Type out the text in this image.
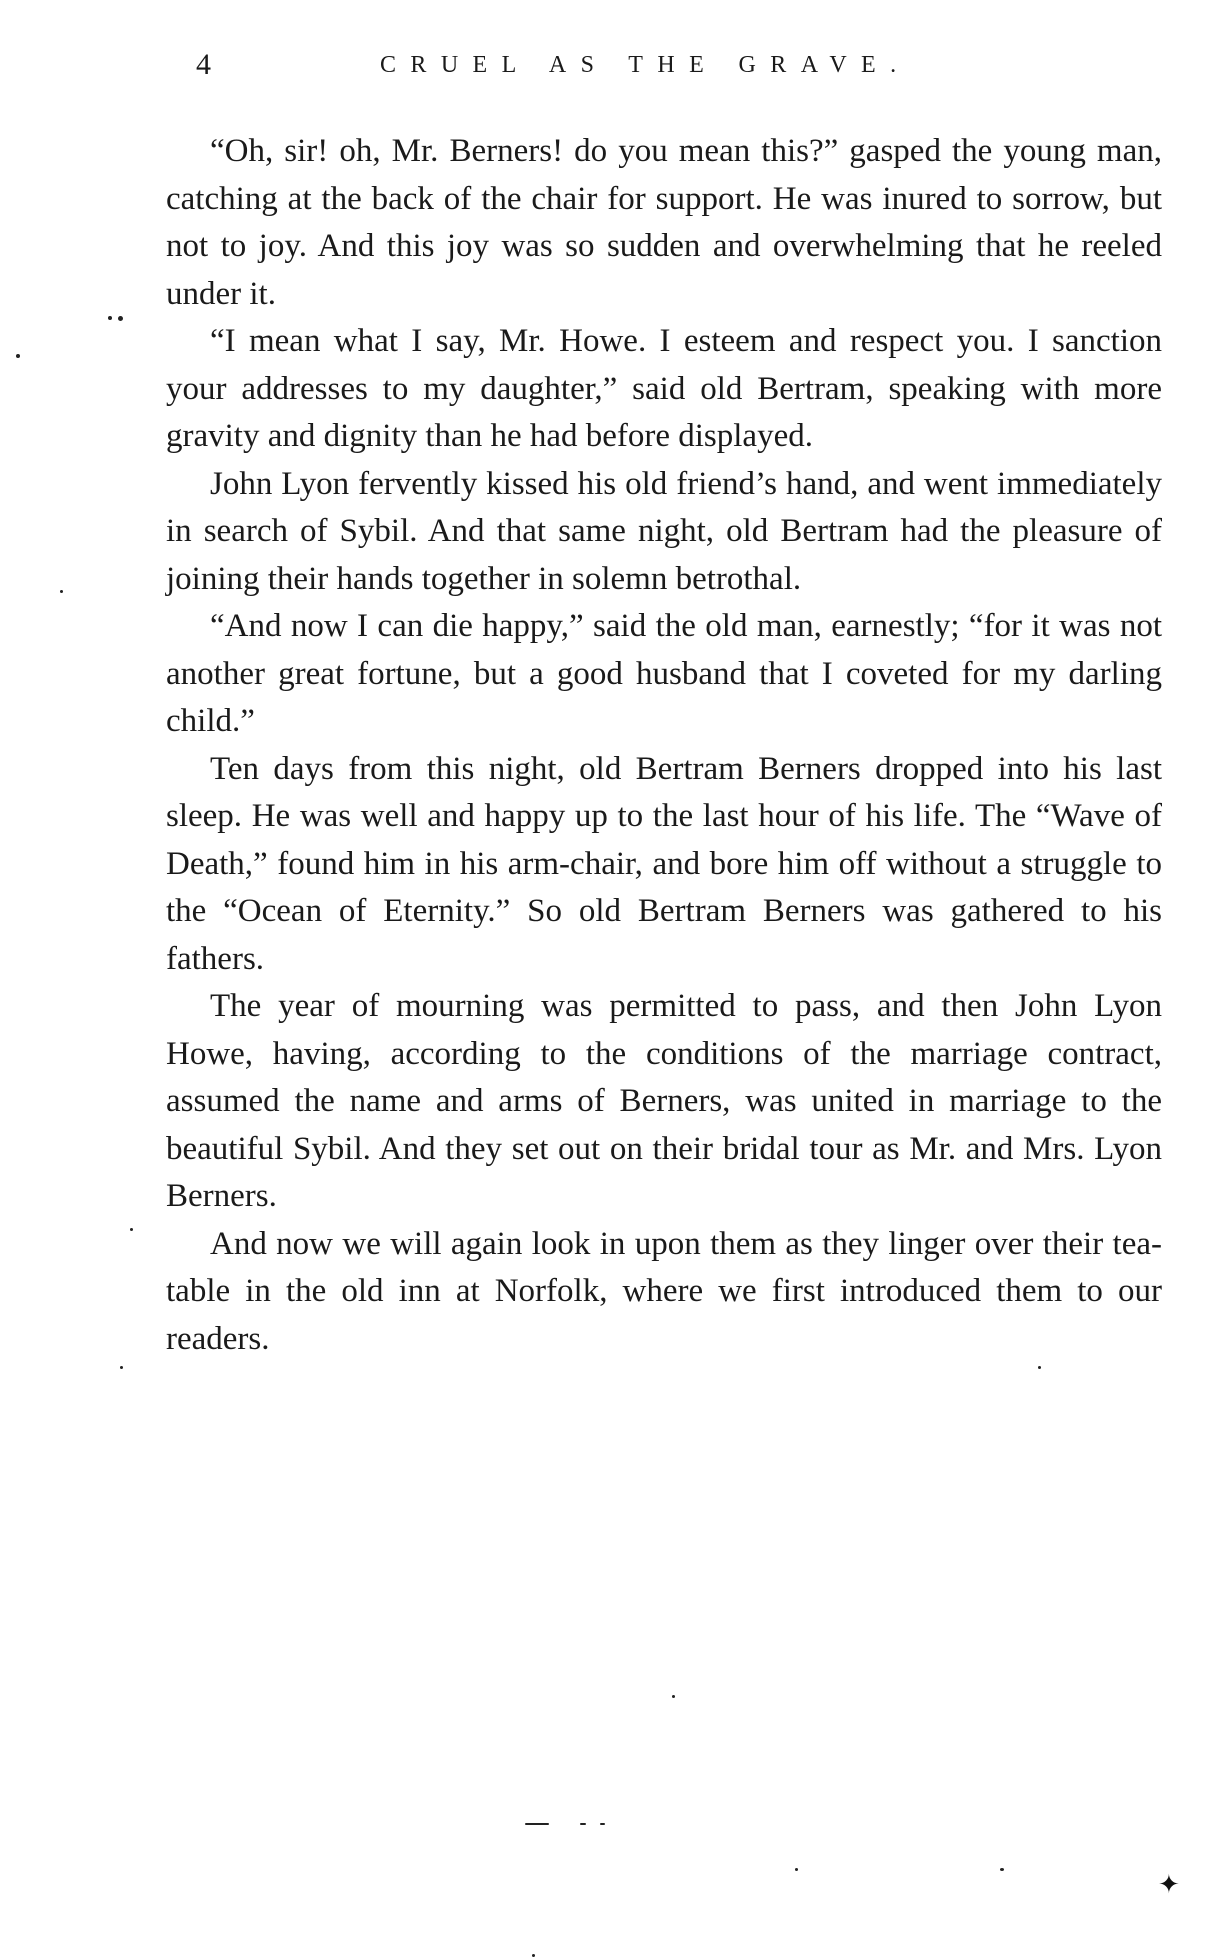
4	CRUEL AS THE GRAVE.

“Oh, sir! oh, Mr. Berners! do you mean this?” gasped the young man, catching at the back of the chair for support. He was inured to sorrow, but not to joy. And this joy was so sudden and overwhelming that he reeled under it.

“I mean what I say, Mr. Howe. I esteem and respect you. I sanction your addresses to my daughter,” said old Bertram, speaking with more gravity and dignity than he had before displayed.

John Lyon fervently kissed his old friend’s hand, and went immediately in search of Sybil. And that same night, old Bertram had the pleasure of joining their hands together in solemn betrothal.

“And now I can die happy,” said the old man, earnestly; “for it was not another great fortune, but a good husband that I coveted for my darling child.”

Ten days from this night, old Bertram Berners dropped into his last sleep. He was well and happy up to the last hour of his life. The “Wave of Death,” found him in his arm-chair, and bore him off without a struggle to the “Ocean of Eternity.” So old Bertram Berners was gathered to his fathers.

The year of mourning was permitted to pass, and then John Lyon Howe, having, according to the conditions of the marriage contract, assumed the name and arms of Berners, was united in marriage to the beautiful Sybil. And they set out on their bridal tour as Mr. and Mrs. Lyon Berners.

And now we will again look in upon them as they linger over their tea-table in the old inn at Norfolk, where we first introduced them to our readers.

✦
